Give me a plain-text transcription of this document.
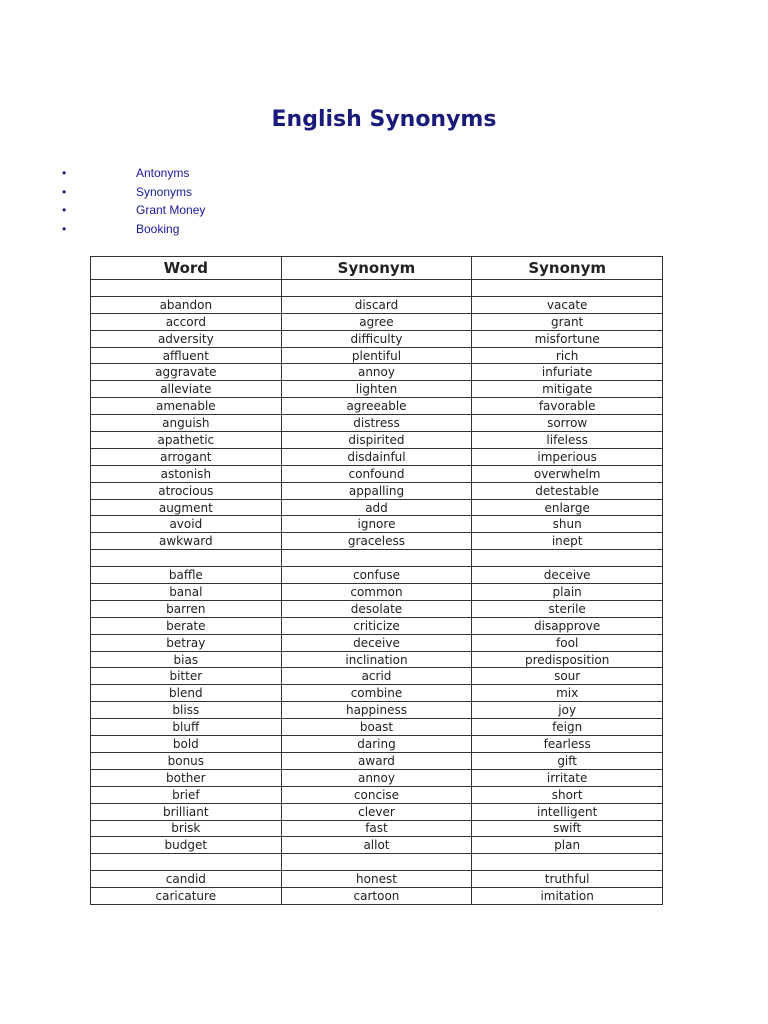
English Synonyms
•	Antonyms
•	Synonyms
•	Grant Money
•	Booking
Word	Synonym	Synonym

abandon	discard	vacate
accord	agree	grant
adversity	difficulty	misfortune
affluent	plentiful	rich
aggravate	annoy	infuriate
alleviate	lighten	mitigate
amenable	agreeable	favorable
anguish	distress	sorrow
apathetic	dispirited	lifeless
arrogant	disdainful	imperious
astonish	confound	overwhelm
atrocious	appalling	detestable
augment	add	enlarge
avoid	ignore	shun
awkward	graceless	inept

baffle	confuse	deceive
banal	common	plain
barren	desolate	sterile
berate	criticize	disapprove
betray	deceive	fool
bias	inclination	predisposition
bitter	acrid	sour
blend	combine	mix
bliss	happiness	joy
bluff	boast	feign
bold	daring	fearless
bonus	award	gift
bother	annoy	irritate
brief	concise	short
brilliant	clever	intelligent
brisk	fast	swift
budget	allot	plan

candid	honest	truthful
caricature	cartoon	imitation
